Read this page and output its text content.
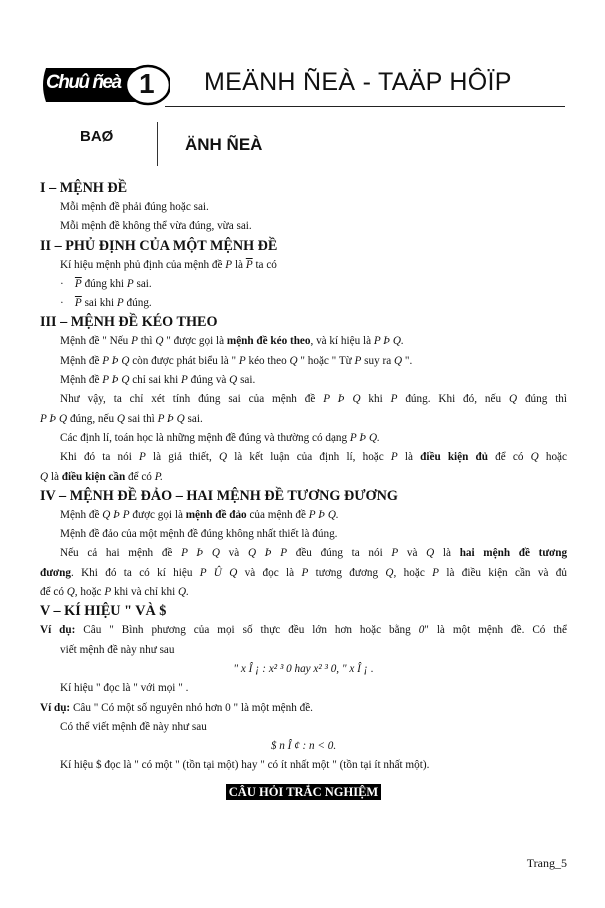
Chuû ñeà 1 MEÄNH ÑEÀ - TAÄP HÔÏP
BAØ	ÄNH ÑEÀ

I – MỆNH ĐỀ

Mỗi mệnh đề phải đúng hoặc sai.

Mỗi mệnh đề không thể vừa đúng, vừa sai.

II – PHỦ ĐỊNH CỦA MỘT MỆNH ĐỀ

Kí hiệu mệnh phủ định của mệnh đề P là $\overline{P}$ ta có

· $\overline{P}$ đúng khi P sai.

· $\overline{P}$ sai khi P đúng.

III – MỆNH ĐỀ KÉO THEO

Mệnh đề " Nếu P thì Q " được gọi là mệnh đề kéo theo, và kí hiệu là P Þ Q.

Mệnh đề P Þ Q còn được phát biểu là " P kéo theo Q " hoặc " Từ P suy ra Q ".

Mệnh đề P Þ Q chỉ sai khi P đúng và Q sai.

Như vậy, ta chỉ xét tính đúng sai của mệnh đề P Þ Q khi P đúng. Khi đó, nếu Q đúng thì

P Þ Q đúng, nếu Q sai thì P Þ Q sai.

Các định lí, toán học là những mệnh đề đúng và thường có dạng P Þ Q.

Khi đó ta nói P là giả thiết, Q là kết luận của định lí, hoặc P là điều kiện đủ để có Q hoặc

Q là điều kiện cần để có P.

IV – MỆNH ĐỀ ĐẢO – HAI MỆNH ĐỀ TƯƠNG ĐƯƠNG

Mệnh đề Q Þ P được gọi là mệnh đề đảo của mệnh đề P Þ Q.

Mệnh đề đảo của một mệnh đề đúng không nhất thiết là đúng.

Nếu cả hai mệnh đề P Þ Q và Q Þ P đều đúng ta nói P và Q là hai mệnh đề tương

đương. Khi đó ta có kí hiệu P Û Q và đọc là P tương đương Q, hoặc P là điều kiện cần và đủ

để có Q, hoặc P khi và chỉ khi Q.

V – KÍ HIỆU " VÀ $

Ví dụ: Câu " Bình phương của mọi số thực đều lớn hơn hoặc bằng 0" là một mệnh đề. Có thể

viết mệnh đề này như sau

" x Î ¡ : x² ³ 0 hay x² ³ 0, " x Î ¡ .

Kí hiệu " đọc là " với mọi " .

Ví dụ: Câu " Có một số nguyên nhỏ hơn 0 " là một mệnh đề.

Có thể viết mệnh đề này như sau

$ n Î ¢ : n < 0.

Kí hiệu $ đọc là " có một " (tồn tại một) hay " có ít nhất một " (tồn tại ít nhất một).

CÂU HỎI TRẮC NGHIỆM

Trang_5
